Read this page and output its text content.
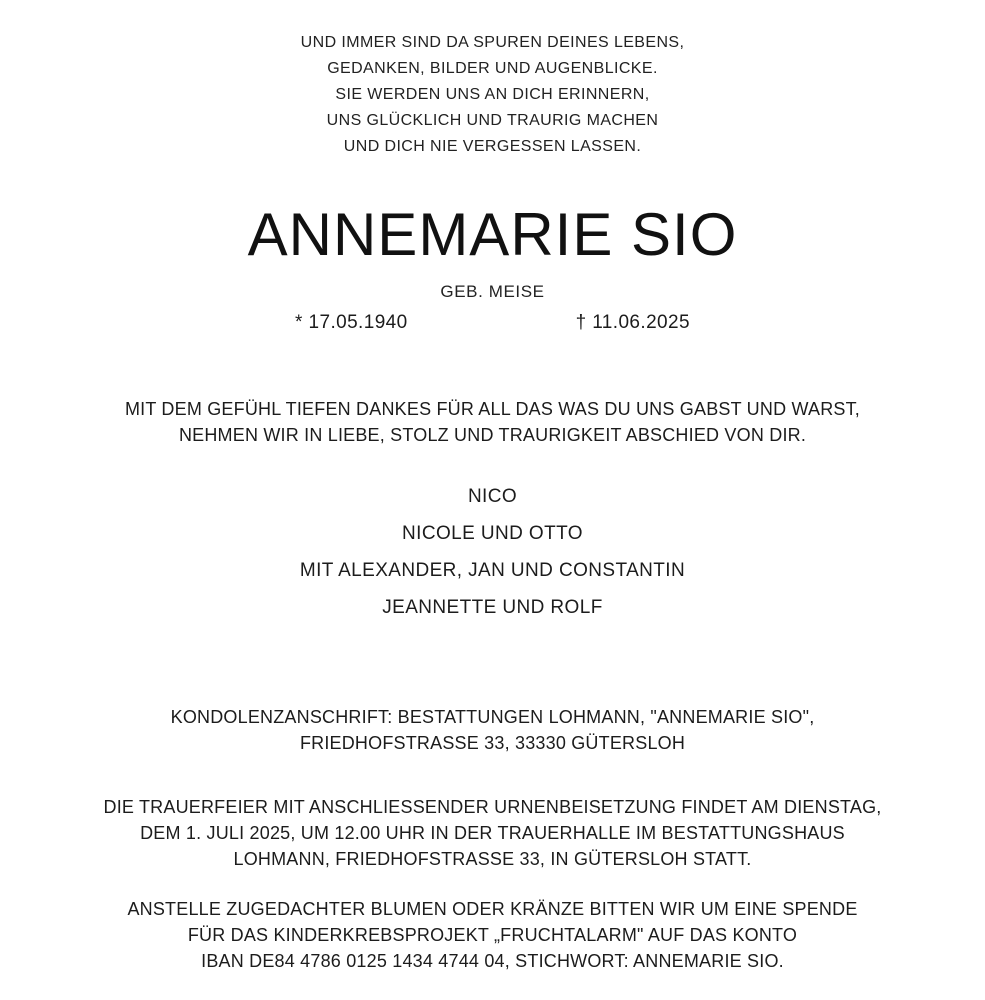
UND IMMER SIND DA SPUREN DEINES LEBENS,
GEDANKEN, BILDER UND AUGENBLICKE.
SIE WERDEN UNS AN DICH ERINNERN,
UNS GLÜCKLICH UND TRAURIG MACHEN
UND DICH NIE VERGESSEN LASSEN.
ANNEMARIE SIO
GEB. MEISE
* 17.05.1940	† 11.06.2025
MIT DEM GEFÜHL TIEFEN DANKES FÜR ALL DAS WAS DU UNS GABST UND WARST,
NEHMEN WIR IN LIEBE, STOLZ UND TRAURIGKEIT ABSCHIED VON DIR.
NICO
NICOLE UND OTTO
MIT ALEXANDER, JAN UND CONSTANTIN
JEANNETTE UND ROLF
KONDOLENZANSCHRIFT: BESTATTUNGEN LOHMANN, "ANNEMARIE SIO",
FRIEDHOFSTRASSE 33, 33330 GÜTERSLOH
DIE TRAUERFEIER MIT ANSCHLIESSENDER URNENBEISETZUNG FINDET AM DIENSTAG,
DEM 1. JULI 2025, UM 12.00 UHR IN DER TRAUERHALLE IM BESTATTUNGSHAUS
LOHMANN, FRIEDHOFSTRASSE 33, IN GÜTERSLOH STATT.
ANSTELLE ZUGEDACHTER BLUMEN ODER KRÄNZE BITTEN WIR UM EINE SPENDE
FÜR DAS KINDERKREBSPROJEKT „FRUCHTALARM" AUF DAS KONTO
IBAN DE84 4786 0125 1434 4744 04, STICHWORT: ANNEMARIE SIO.
